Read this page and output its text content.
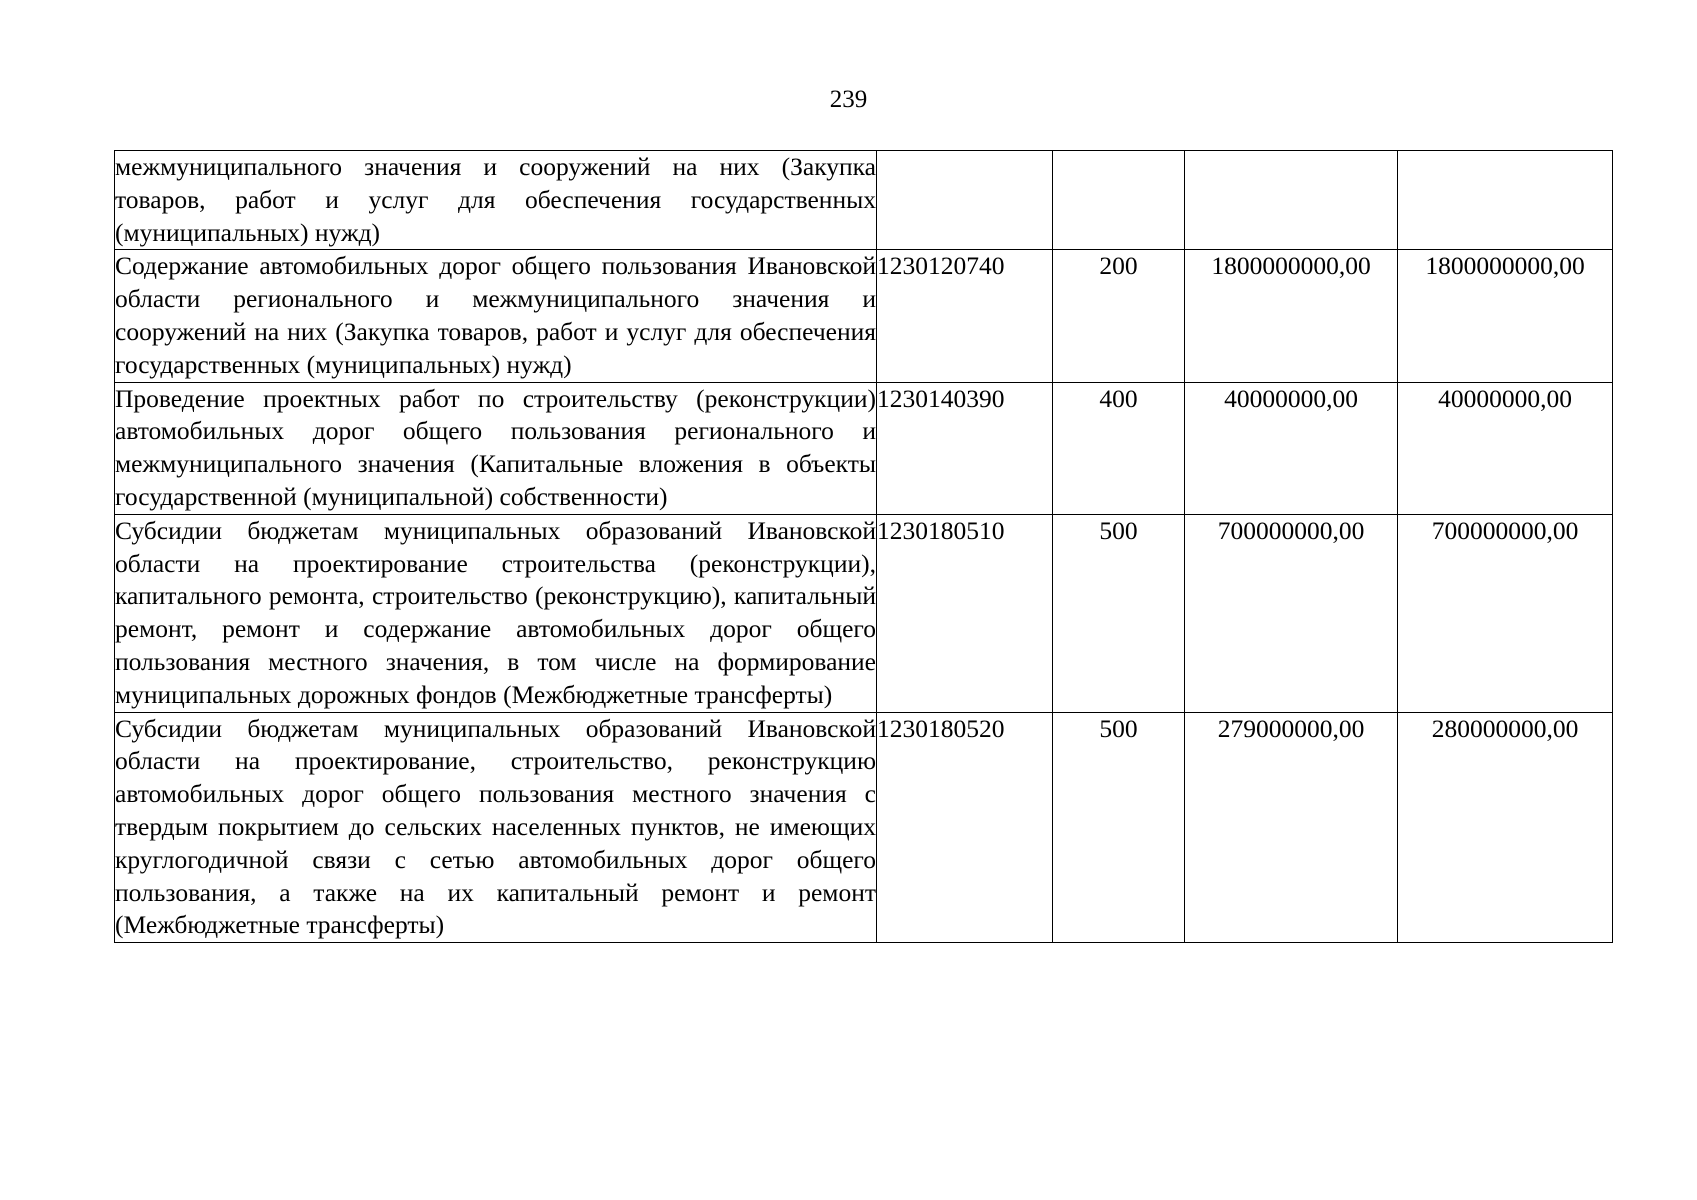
239
межмуниципального значения и сооружений на них (Закупка товаров, работ и услуг для обеспечения государственных (муниципальных) нужд)				
Содержание автомобильных дорог общего пользования Ивановской области регионального и межмуниципального значения и сооружений на них (Закупка товаров, работ и услуг для обеспечения государственных (муниципальных) нужд)	1230120740	200	1800000000,00	1800000000,00
Проведение проектных работ по строительству (реконструкции) автомобильных дорог общего пользования регионального и межмуниципального значения (Капитальные вложения в объекты государственной (муниципальной) собственности)	1230140390	400	40000000,00	40000000,00
Субсидии бюджетам муниципальных образований Ивановской области на проектирование строительства (реконструкции), капитального ремонта, строительство (реконструкцию), капитальный ремонт, ремонт и содержание автомобильных дорог общего пользования местного значения, в том числе на формирование муниципальных дорожных фондов (Межбюджетные трансферты)	1230180510	500	700000000,00	700000000,00
Субсидии бюджетам муниципальных образований Ивановской области на проектирование, строительство, реконструкцию автомобильных дорог общего пользования местного значения с твердым покрытием до сельских населенных пунктов, не имеющих круглогодичной связи с сетью автомобильных дорог общего пользования, а также на их капитальный ремонт и ремонт (Межбюджетные трансферты)	1230180520	500	279000000,00	280000000,00
